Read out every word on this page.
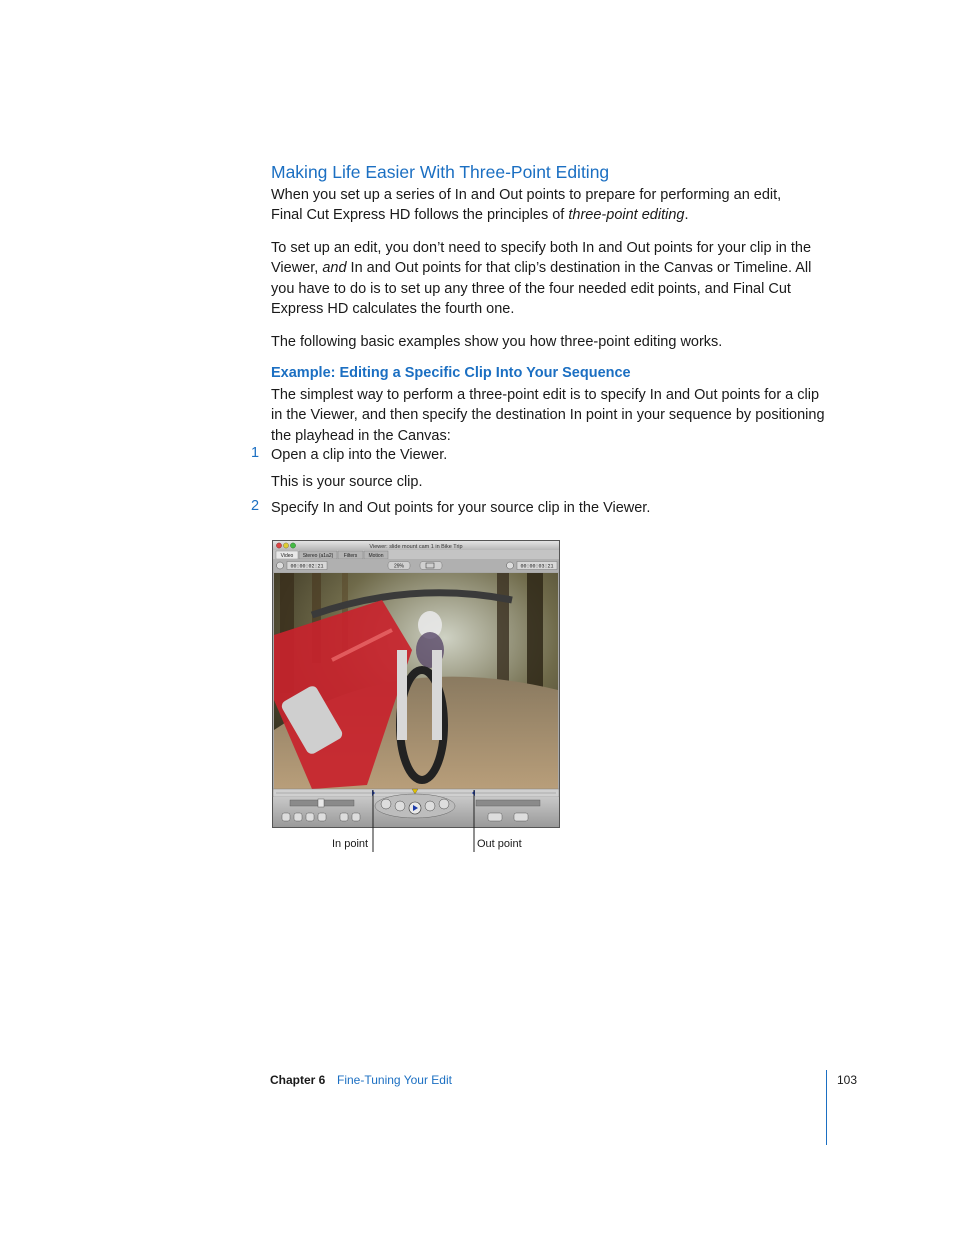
Making Life Easier With Three-Point Editing
When you set up a series of In and Out points to prepare for performing an edit,
Final Cut Express HD follows the principles of three-point editing.
To set up an edit, you don’t need to specify both In and Out points for your clip in the Viewer, and In and Out points for that clip’s destination in the Canvas or Timeline. All you have to do is to set up any three of the four needed edit points, and Final Cut Express HD calculates the fourth one.
The following basic examples show you how three-point editing works.
Example: Editing a Specific Clip Into Your Sequence
The simplest way to perform a three-point edit is to specify In and Out points for a clip in the Viewer, and then specify the destination In point in your sequence by positioning the playhead in the Canvas:
1 Open a clip into the Viewer.
This is your source clip.
2 Specify In and Out points for your source clip in the Viewer.
Viewer: slide mount cam 1 in Bike Trip
Video Stereo (a1a2) Filters Motion
00:00:02:21	29%	00:00:03:21
In point	Out point
Chapter 6 Fine-Tuning Your Edit	103
